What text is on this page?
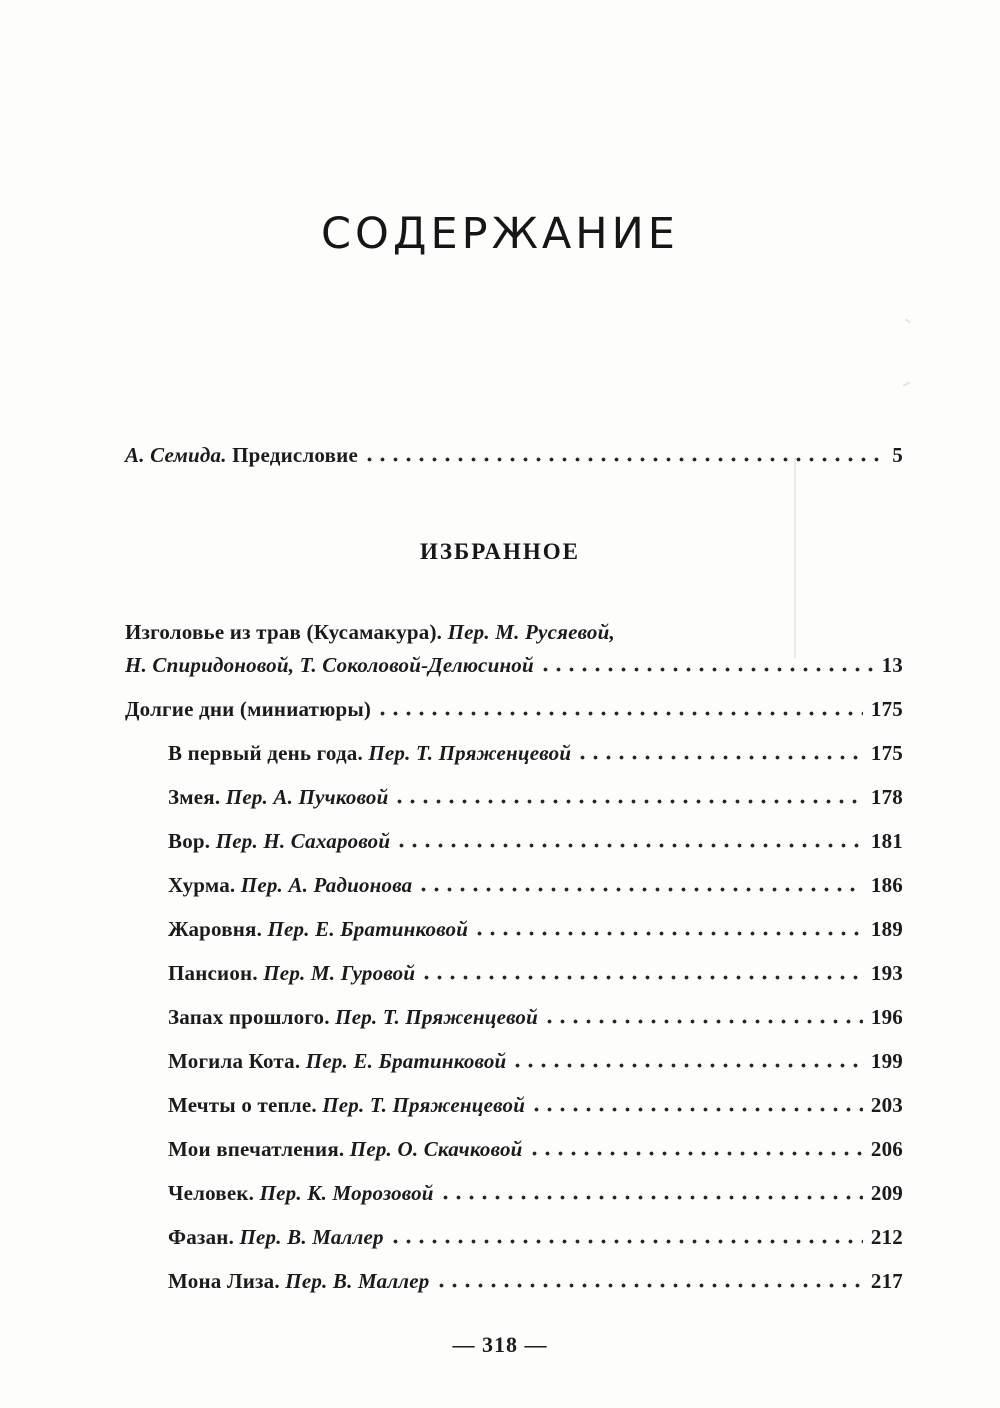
СОДЕРЖАНИЕ
А. Семида. Предисловие	5
ИЗБРАННОЕ
Изголовье из трав (Кусамакура). Пер. М. Русяевой,
Н. Спиридоновой, Т. Соколовой-Делюсиной	13
Долгие дни (миниатюры)	175
В первый день года. Пер. Т. Пряженцевой	175
Змея. Пер. А. Пучковой	178
Вор. Пер. Н. Сахаровой	181
Хурма. Пер. А. Радионова	186
Жаровня. Пер. Е. Братинковой	189
Пансион. Пер. М. Гуровой	193
Запах прошлого. Пер. Т. Пряженцевой	196
Могила Кота. Пер. Е. Братинковой	199
Мечты о тепле. Пер. Т. Пряженцевой	203
Мои впечатления. Пер. О. Скачковой	206
Человек. Пер. К. Морозовой	209
Фазан. Пер. В. Маллер	212
Мона Лиза. Пер. В. Маллер	217
— 318 —
